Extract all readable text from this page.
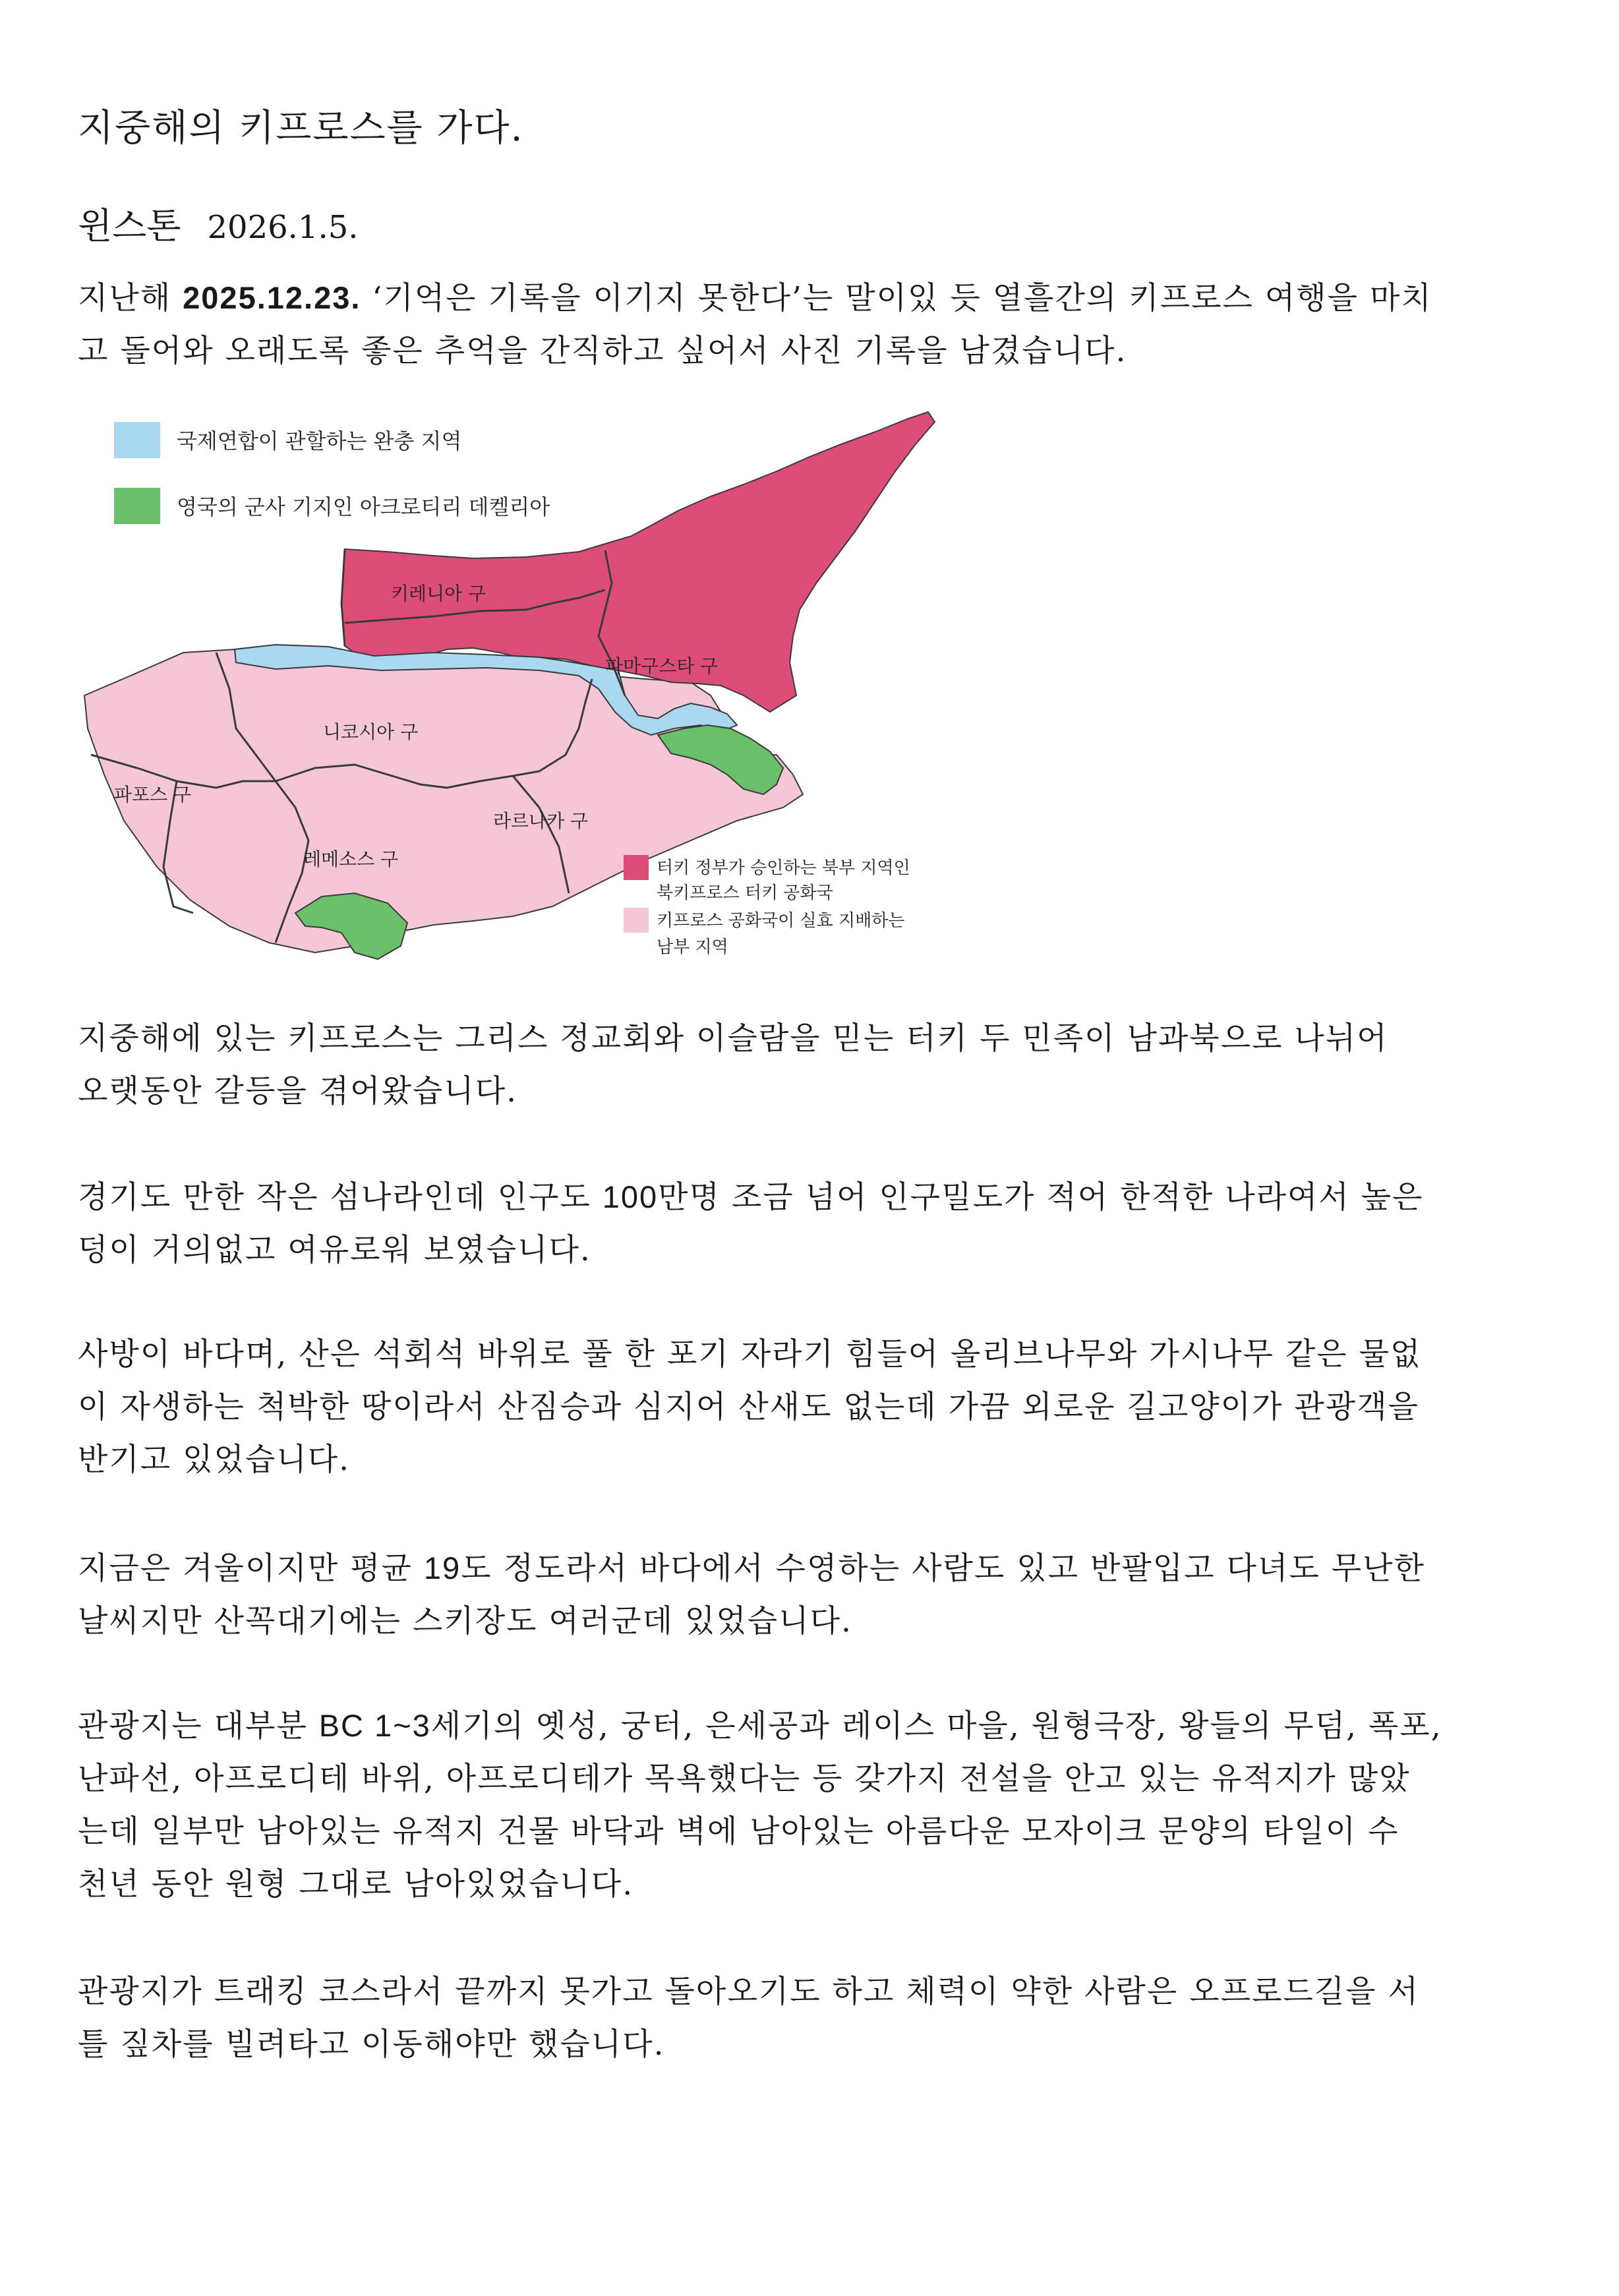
지중해의 키프로스를 가다.
윈스톤 2026.1.5.
지난해 2025.12.23. ‘기억은 기록을 이기지 못한다’는 말이있 듯 열흘간의 키프로스 여행을 마치
고 돌어와 오래도록 좋은 추억을 간직하고 싶어서 사진 기록을 남겼습니다.
국제연합이 관할하는 완충 지역
영국의 군사 기지인 아크로티리 데켈리아
키레니아 구
파마구스타 구
니코시아 구
파포스 구
라르나카 구
레메소스 구	터키 정부가 승인하는 북부 지역인
북키프로스 터키 공화국
키프로스 공화국이 실효 지배하는
남부 지역
지중해에 있는 키프로스는 그리스 정교회와 이슬람을 믿는 터키 두 민족이 남과북으로 나뉘어
오랫동안 갈등을 겪어왔습니다.
경기도 만한 작은 섬나라인데 인구도 100만명 조금 넘어 인구밀도가 적어 한적한 나라여서 높은
덩이 거의없고 여유로워 보였습니다.
사방이 바다며, 산은 석회석 바위로 풀 한 포기 자라기 힘들어 올리브나무와 가시나무 같은 물없
이 자생하는 척박한 땅이라서 산짐승과 심지어 산새도 없는데 가끔 외로운 길고양이가 관광객을
반기고 있었습니다.
지금은 겨울이지만 평균 19도 정도라서 바다에서 수영하는 사람도 있고 반팔입고 다녀도 무난한
날씨지만 산꼭대기에는 스키장도 여러군데 있었습니다.
관광지는 대부분 BC 1~3세기의 옛성, 궁터, 은세공과 레이스 마을, 원형극장, 왕들의 무덤, 폭포,
난파선, 아프로디테 바위, 아프로디테가 목욕했다는 등 갖가지 전설을 안고 있는 유적지가 많았
는데 일부만 남아있는 유적지 건물 바닥과 벽에 남아있는 아름다운 모자이크 문양의 타일이 수
천년 동안 원형 그대로 남아있었습니다.
관광지가 트래킹 코스라서 끝까지 못가고 돌아오기도 하고 체력이 약한 사람은 오프로드길을 서
틀 짚차를 빌려타고 이동해야만 했습니다.
